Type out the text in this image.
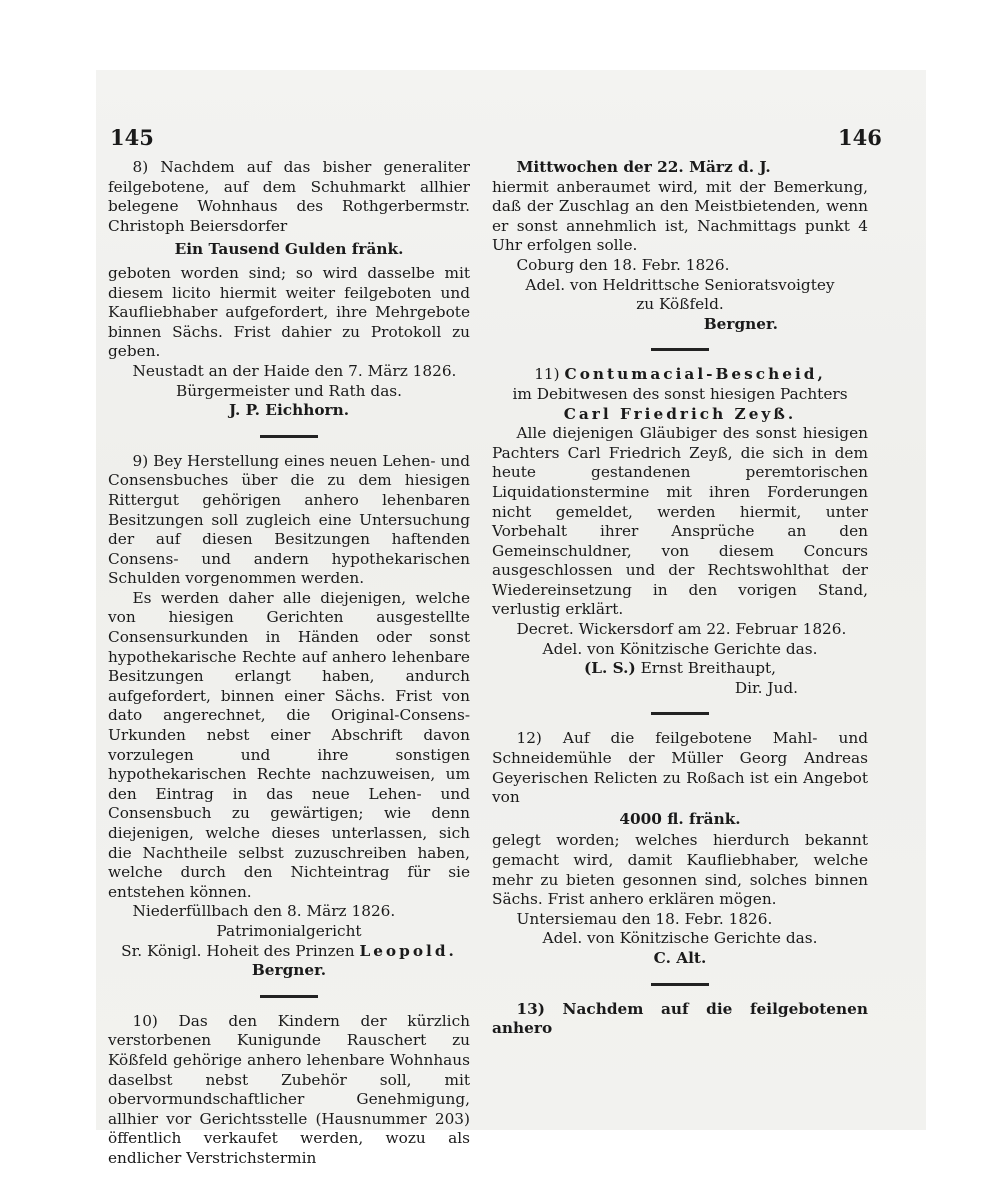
145	146

8) Nachdem auf das bisher generaliter feilgebotene, auf dem Schuhmarkt allhier belegene Wohnhaus des Rothgerbermstr. Christoph Beiersdorfer

Ein Tausend Gulden fränk.

geboten worden sind; so wird dasselbe mit diesem licito hiermit weiter feilgeboten und Kaufliebhaber aufgefordert, ihre Mehrgebote binnen Sächs. Frist dahier zu Protokoll zu geben.

Neustadt an der Haide den 7. März 1826.

Bürgermeister und Rath das.

J. P. Eichhorn.

9) Bey Herstellung eines neuen Lehen- und Consensbuches über die zu dem hiesigen Rittergut gehörigen anhero lehenbaren Besitzungen soll zugleich eine Untersuchung der auf diesen Besitzungen haftenden Consens- und andern hypothekarischen Schulden vorgenommen werden.

Es werden daher alle diejenigen, welche von hiesigen Gerichten ausgestellte Consensurkunden in Händen oder sonst hypothekarische Rechte auf anhero lehenbare Besitzungen erlangt haben, andurch aufgefordert, binnen einer Sächs. Frist von dato angerechnet, die Original-Consens-Urkunden nebst einer Abschrift davon vorzulegen und ihre sonstigen hypothekarischen Rechte nachzuweisen, um den Eintrag in das neue Lehen- und Consensbuch zu gewärtigen; wie denn diejenigen, welche dieses unterlassen, sich die Nachtheile selbst zuzuschreiben haben, welche durch den Nichteintrag für sie entstehen können.

Niederfüllbach den 8. März 1826.

Patrimonialgericht

Sr. Königl. Hoheit des Prinzen Leopold.

Bergner.

10) Das den Kindern der kürzlich verstorbenen Kunigunde Rauschert zu Kößfeld gehörige anhero lehenbare Wohnhaus daselbst nebst Zubehör soll, mit obervormundschaftlicher Genehmigung, allhier vor Gerichtsstelle (Hausnummer 203) öffentlich verkaufet werden, wozu als endlicher Verstrichstermin

Mittwochen der 22. März d. J.

hiermit anberaumet wird, mit der Bemerkung, daß der Zuschlag an den Meistbietenden, wenn er sonst annehmlich ist, Nachmittags punkt 4 Uhr erfolgen solle.

Coburg den 18. Febr. 1826.

Adel. von Heldrittsche Senioratsvoigtey

zu Kößfeld.

Bergner.

11) Contumacial-Bescheid,

im Debitwesen des sonst hiesigen Pachters

Carl Friedrich Zeyß.

Alle diejenigen Gläubiger des sonst hiesigen Pachters Carl Friedrich Zeyß, die sich in dem heute gestandenen peremtorischen Liquidationstermine mit ihren Forderungen nicht gemeldet, werden hiermit, unter Vorbehalt ihrer Ansprüche an den Gemeinschuldner, von diesem Concurs ausgeschlossen und der Rechtswohlthat der Wiedereinsetzung in den vorigen Stand, verlustig erklärt.

Decret. Wickersdorf am 22. Februar 1826.

Adel. von Könitzische Gerichte das.

(L. S.) Ernst Breithaupt,

Dir. Jud.

12) Auf die feilgebotene Mahl- und Schneidemühle der Müller Georg Andreas Geyerischen Relicten zu Roßach ist ein Angebot von

4000 fl. fränk.

gelegt worden; welches hierdurch bekannt gemacht wird, damit Kaufliebhaber, welche mehr zu bieten gesonnen sind, solches binnen Sächs. Frist anhero erklären mögen.

Untersiemau den 18. Febr. 1826.

Adel. von Könitzische Gerichte das.

C. Alt.

13) Nachdem auf die feilgebotenen anhero
